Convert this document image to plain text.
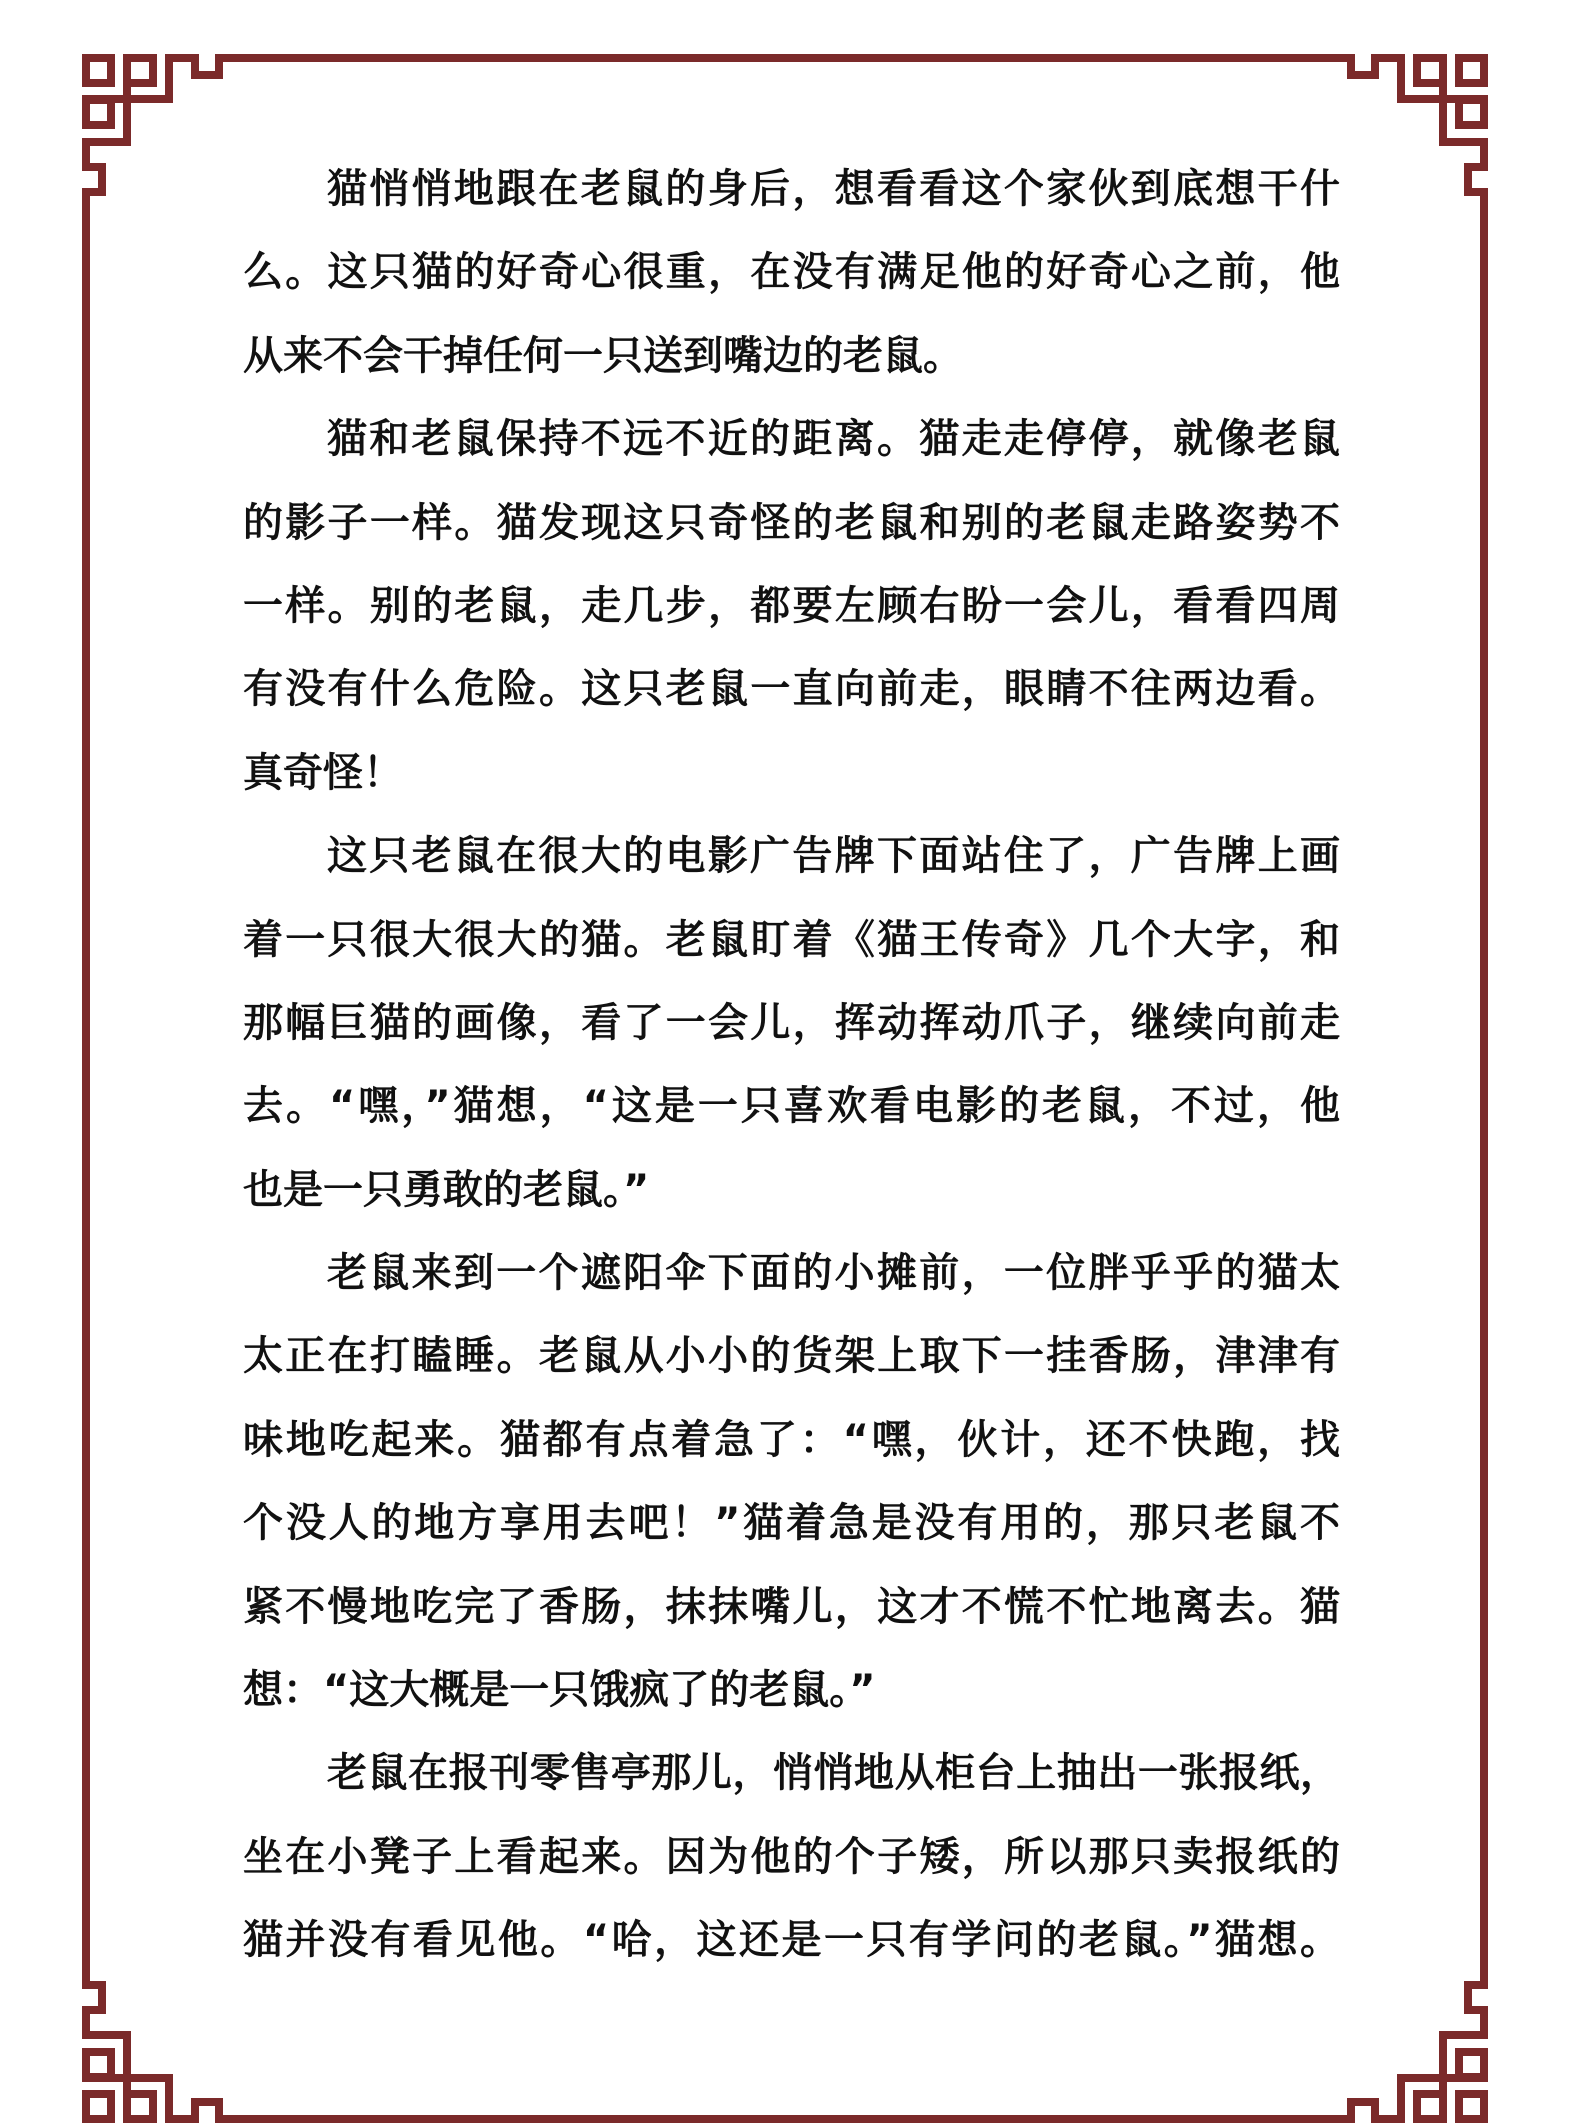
猫悄悄地跟在老鼠的身后，想看看这个家伙到底想干什
么。这只猫的好奇心很重，在没有满足他的好奇心之前，他
从来不会干掉任何一只送到嘴边的老鼠。
猫和老鼠保持不远不近的距离。猫走走停停，就像老鼠
的影子一样。猫发现这只奇怪的老鼠和别的老鼠走路姿势不
一样。别的老鼠，走几步，都要左顾右盼一会儿，看看四周
有没有什么危险。这只老鼠一直向前走，眼睛不往两边看。
真奇怪！
这只老鼠在很大的电影广告牌下面站住了，广告牌上画
着一只很大很大的猫。老鼠盯着《猫王传奇》几个大字，和
那幅巨猫的画像，看了一会儿，挥动挥动爪子，继续向前走
去。“嘿，”猫想，“这是一只喜欢看电影的老鼠，不过，他
也是一只勇敢的老鼠。”
老鼠来到一个遮阳伞下面的小摊前，一位胖乎乎的猫太
太正在打瞌睡。老鼠从小小的货架上取下一挂香肠，津津有
味地吃起来。猫都有点着急了：“嘿，伙计，还不快跑，找
个没人的地方享用去吧！”猫着急是没有用的，那只老鼠不
紧不慢地吃完了香肠，抹抹嘴儿，这才不慌不忙地离去。猫
想：“这大概是一只饿疯了的老鼠。”
老鼠在报刊零售亭那儿，悄悄地从柜台上抽出一张报纸，
坐在小凳子上看起来。因为他的个子矮，所以那只卖报纸的
猫并没有看见他。“哈，这还是一只有学问的老鼠。”猫想。
